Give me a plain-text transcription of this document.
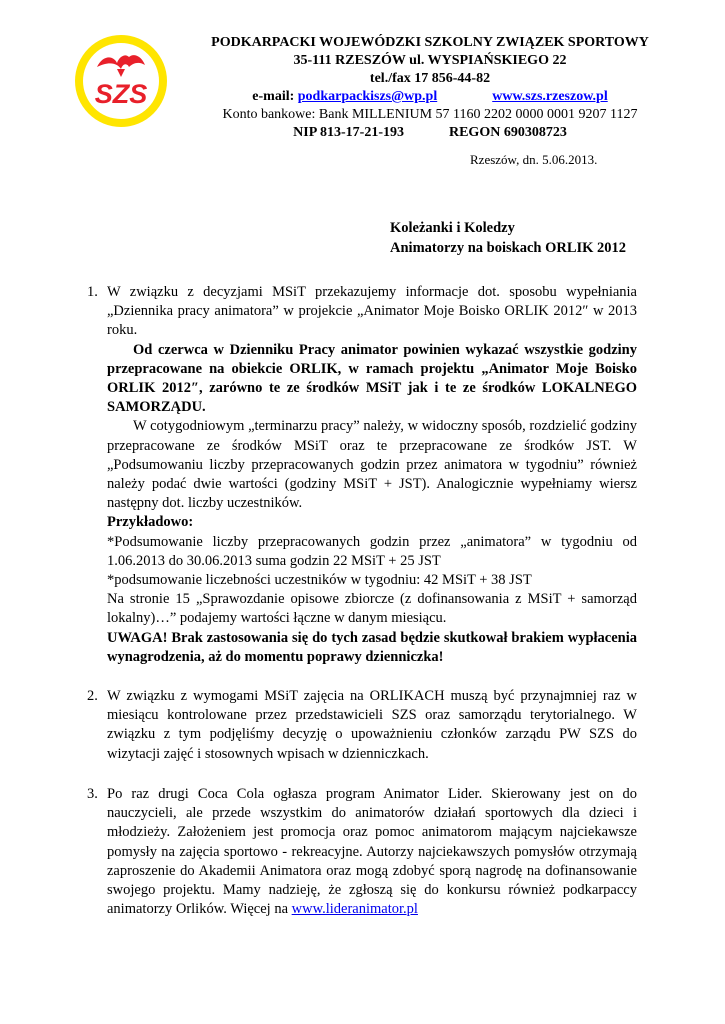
SZS
PODKARPACKI WOJEWÓDZKI SZKOLNY ZWIĄZEK SPORTOWY
35-111 RZESZÓW ul. WYSPIAŃSKIEGO 22
tel./fax 17 856-44-82
e-mail: podkarpackiszs@wp.pl	www.szs.rzeszow.pl
Konto bankowe: Bank MILLENIUM 57 1160 2202 0000 0001 9207 1127
NIP 813-17-21-193	REGON 690308723
Rzeszów, dn. 5.06.2013.
Koleżanki i Koledzy
Animatorzy na boiskach ORLIK 2012
1. W związku z decyzjami MSiT przekazujemy informacje dot. sposobu wypełniania „Dziennika pracy animatora” w projekcie „Animator Moje Boisko ORLIK 2012″ w 2013 roku.

Od czerwca w Dzienniku Pracy animator powinien wykazać wszystkie godziny przepracowane na obiekcie ORLIK, w ramach projektu „Animator Moje Boisko ORLIK 2012″, zarówno te ze środków MSiT jak i te ze środków LOKALNEGO SAMORZĄDU.

W cotygodniowym „terminarzu pracy” należy, w widoczny sposób, rozdzielić godziny przepracowane ze środków MSiT oraz te przepracowane ze środków JST. W „Podsumowaniu liczby przepracowanych godzin przez animatora w tygodniu” również należy podać dwie wartości (godziny MSiT + JST). Analogicznie wypełniamy wiersz następny dot. liczby uczestników.

Przykładowo:

*Podsumowanie liczby przepracowanych godzin przez „animatora” w tygodniu od 1.06.2013 do 30.06.2013 suma godzin 22 MSiT + 25 JST

*podsumowanie liczebności uczestników w tygodniu: 42 MSiT + 38 JST

Na stronie 15 „Sprawozdanie opisowe zbiorcze (z dofinansowania z MSiT + samorząd lokalny)…” podajemy wartości łączne w danym miesiącu.

UWAGA! Brak zastosowania się do tych zasad będzie skutkował brakiem wypłacenia wynagrodzenia, aż do momentu poprawy dzienniczka!

2. W związku z wymogami MSiT zajęcia na ORLIKACH muszą być przynajmniej raz w miesiącu kontrolowane przez przedstawicieli SZS oraz samorządu terytorialnego. W związku z tym podjęliśmy decyzję o upoważnieniu członków zarządu PW SZS do wizytacji zajęć i stosownych wpisach w dzienniczkach.

3. Po raz drugi Coca Cola ogłasza program Animator Lider. Skierowany jest on do nauczycieli, ale przede wszystkim do animatorów działań sportowych dla dzieci i młodzieży. Założeniem jest promocja oraz pomoc animatorom mającym najciekawsze pomysły na zajęcia sportowo - rekreacyjne. Autorzy najciekawszych pomysłów otrzymają zaproszenie do Akademii Animatora oraz mogą zdobyć sporą nagrodę na dofinansowanie swojego projektu. Mamy nadzieję, że zgłoszą się do konkursu również podkarpaccy animatorzy Orlików. Więcej na www.lideranimator.pl
